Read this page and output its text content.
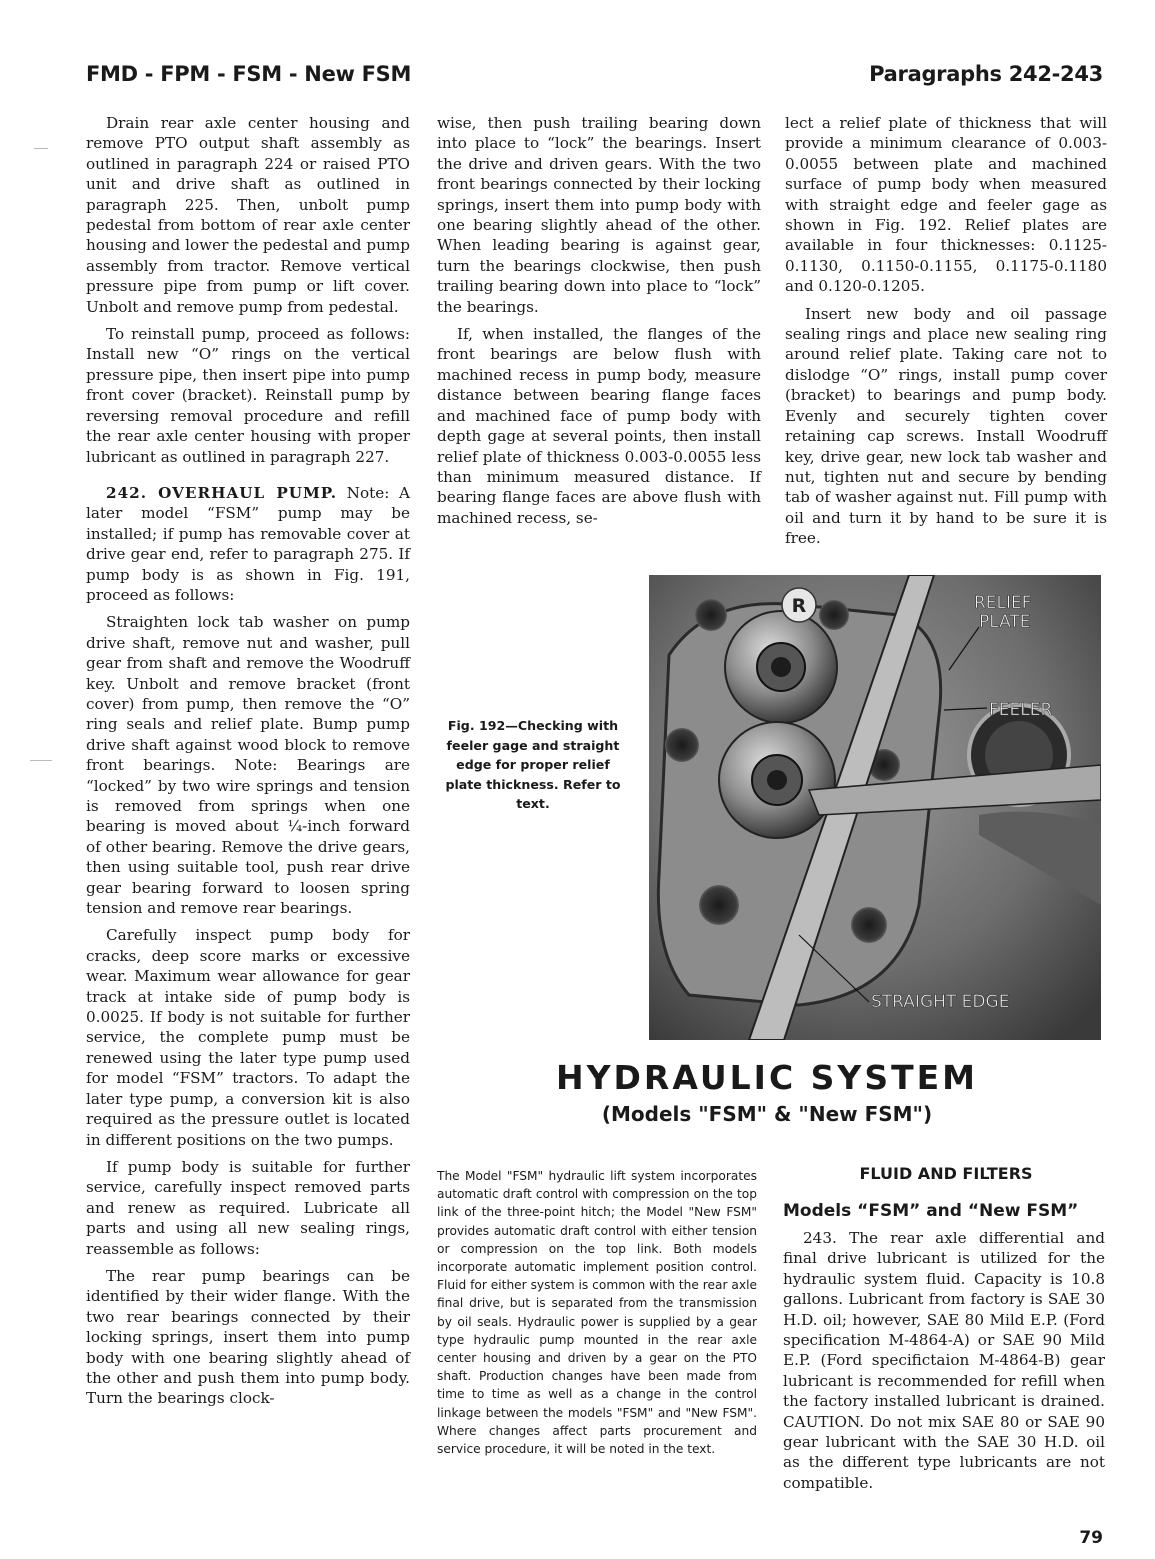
FMD - FPM - FSM - New FSM	Paragraphs 242-243

Drain rear axle center housing and remove PTO output shaft assembly as outlined in paragraph 224 or raised PTO unit and drive shaft as outlined in paragraph 225. Then, unbolt pump pedestal from bottom of rear axle center housing and lower the pedestal and pump assembly from tractor. Remove vertical pressure pipe from pump or lift cover. Unbolt and remove pump from pedestal.

To reinstall pump, proceed as follows: Install new “O” rings on the vertical pressure pipe, then insert pipe into pump front cover (bracket). Reinstall pump by reversing removal procedure and refill the rear axle center housing with proper lubricant as outlined in paragraph 227.

242. OVERHAUL PUMP. Note: A later model “FSM” pump may be installed; if pump has removable cover at drive gear end, refer to paragraph 275. If pump body is as shown in Fig. 191, proceed as follows:

Straighten lock tab washer on pump drive shaft, remove nut and washer, pull gear from shaft and remove the Woodruff key. Unbolt and remove bracket (front cover) from pump, then remove the “O” ring seals and relief plate. Bump pump drive shaft against wood block to remove front bearings. Note: Bearings are “locked” by two wire springs and tension is removed from springs when one bearing is moved about ¼-inch forward of other bearing. Remove the drive gears, then using suitable tool, push rear drive gear bearing forward to loosen spring tension and remove rear bearings.

Carefully inspect pump body for cracks, deep score marks or excessive wear. Maximum wear allowance for gear track at intake side of pump body is 0.0025. If body is not suitable for further service, the complete pump must be renewed using the later type pump used for model “FSM” tractors. To adapt the later type pump, a conversion kit is also required as the pressure outlet is located in different positions on the two pumps.

If pump body is suitable for further service, carefully inspect removed parts and renew as required. Lubricate all parts and using all new sealing rings, reassemble as follows:

The rear pump bearings can be identified by their wider flange. With the two rear bearings connected by their locking springs, insert them into pump body with one bearing slightly ahead of the other and push them into pump body. Turn the bearings clock-

wise, then push trailing bearing down into place to “lock” the bearings. Insert the drive and driven gears. With the two front bearings connected by their locking springs, insert them into pump body with one bearing slightly ahead of the other. When leading bearing is against gear, turn the bearings clockwise, then push trailing bearing down into place to “lock” the bearings.

If, when installed, the flanges of the front bearings are below flush with machined recess in pump body, measure distance between bearing flange faces and machined face of pump body with depth gage at several points, then install relief plate of thickness 0.003-0.0055 less than minimum measured distance. If bearing flange faces are above flush with machined recess, se-

lect a relief plate of thickness that will provide a minimum clearance of 0.003-0.0055 between plate and machined surface of pump body when measured with straight edge and feeler gage as shown in Fig. 192. Relief plates are available in four thicknesses: 0.1125-0.1130, 0.1150-0.1155, 0.1175-0.1180 and 0.120-0.1205.

Insert new body and oil passage sealing rings and place new sealing ring around relief plate. Taking care not to dislodge “O” rings, install pump cover (bracket) to bearings and pump body. Evenly and securely tighten cover retaining cap screws. Install Woodruff key, drive gear, new lock tab washer and nut, tighten nut and secure by bending tab of washer against nut. Fill pump with oil and turn it by hand to be sure it is free.

Fig. 192—Checking with feeler gage and straight edge for proper relief plate thickness. Refer to text.
R	RELIEF
PLATE
FEELER
STRAIGHT EDGE
HYDRAULIC SYSTEM
(Models "FSM" & "New FSM")
The Model "FSM" hydraulic lift system incorporates automatic draft control with compression on the top link of the three-point hitch; the Model "New FSM" provides automatic draft control with either tension or compression on the top link. Both models incorporate automatic implement position control. Fluid for either system is common with the rear axle final drive, but is separated from the transmission by oil seals. Hydraulic power is supplied by a gear type hydraulic pump mounted in the rear axle center housing and driven by a gear on the PTO shaft. Production changes have been made from time to time as well as a change in the control linkage between the models "FSM" and "New FSM". Where changes affect parts procurement and service procedure, it will be noted in the text.
FLUID AND FILTERS
Models “FSM” and “New FSM”

243. The rear axle differential and final drive lubricant is utilized for the hydraulic system fluid. Capacity is 10.8 gallons. Lubricant from factory is SAE 30 H.D. oil; however, SAE 80 Mild E.P. (Ford specification M-4864-A) or SAE 90 Mild E.P. (Ford specifictaion M-4864-B) gear lubricant is recommended for refill when the factory installed lubricant is drained. CAUTION. Do not mix SAE 80 or SAE 90 gear lubricant with the SAE 30 H.D. oil as the different type lubricants are not compatible.

79
